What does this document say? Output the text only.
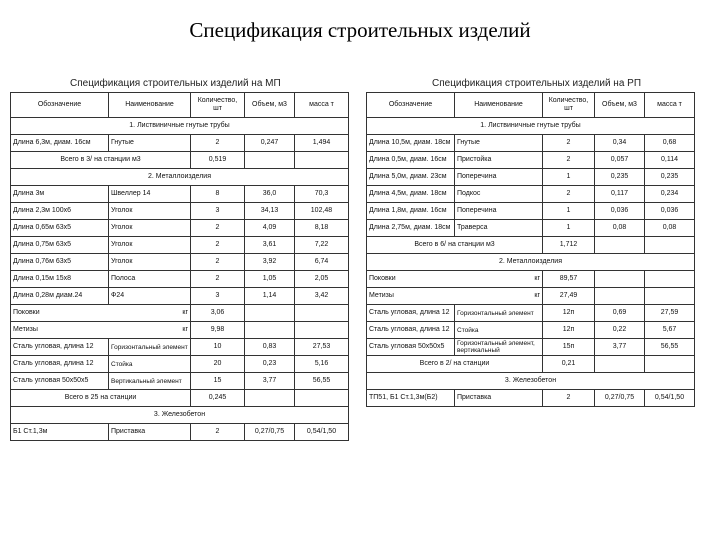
Спецификация строительных изделий
Спецификация строительных изделий на МП
Обозначение	Наименование	Количество, шт	Объем, м3	масса т
1. Листвиничные гнутые трубы				
Длина 6,3м, диам. 16см	Гнутые	2	0,247	1,494
Всего в 3/ на станции м3		0,519		
2. Металлоизделия				
Длина 3м	Швеллер 14	8	36,0	70,3
Длина 2,3м 100х6	Уголок	3	34,13	102,48
Длина 0,65м 63х5	Уголок	2	4,09	8,18
Длина 0,75м 63х5	Уголок	2	3,61	7,22
Длина 0,76м 63х5	Уголок	2	3,92	6,74
Длина 0,15м 15х8	Полоса	2	1,05	2,05
Длина 0,28м диам.24	Ф24	3	1,14	3,42
Поковки кг		3,06		
Метизы кг		9,98		
Сталь угловая, длина 12	Горизонтальный элемент	10	0,83	27,53
Сталь угловая, длина 12	Стойка	20	0,23	5,16
Сталь угловая 50х50х5	Вертикальный элемент	15	3,77	56,55
Всего в 25 на станции		0,245		
3. Железобетон				
Б1 Ст.1,3м	Приставка	2	0,27/0,75	0,54/1,50
Спецификация строительных изделий на РП
Обозначение	Наименование	Количество, шт	Объем, м3	масса т
1. Листвиничные гнутые трубы				
Длина 10,5м, диам. 18см	Гнутые	2	0,34	0,68
Длина 0,5м, диам. 16см	Пристойка	2	0,057	0,114
Длина 5,0м, диам. 23см	Поперечина	1	0,235	0,235
Длина 4,5м, диам. 18см	Подкос	2	0,117	0,234
Длина 1,8м, диам. 16см	Поперечина	1	0,036	0,036
Длина 2,75м, диам. 18см	Траверса	1	0,08	0,08
Всего в 6/ на станции м3		1,712		
2. Металлоизделия				
Поковки кг		89,57		
Метизы кг		27,49		
Сталь угловая, длина 12	Горизонтальный элемент	12п	0,69	27,59
Сталь угловая, длина 12	Стойка	12п	0,22	5,67
Сталь угловая 50х50х5	Горизонтальный элемент, вертикальный	15п	3,77	56,55
Всего в 2/ на станции		0,21		
3. Железобетон				
ТП51, Б1 Ст.1,3м(Б2)	Приставка	2	0,27/0,75	0,54/1,50
